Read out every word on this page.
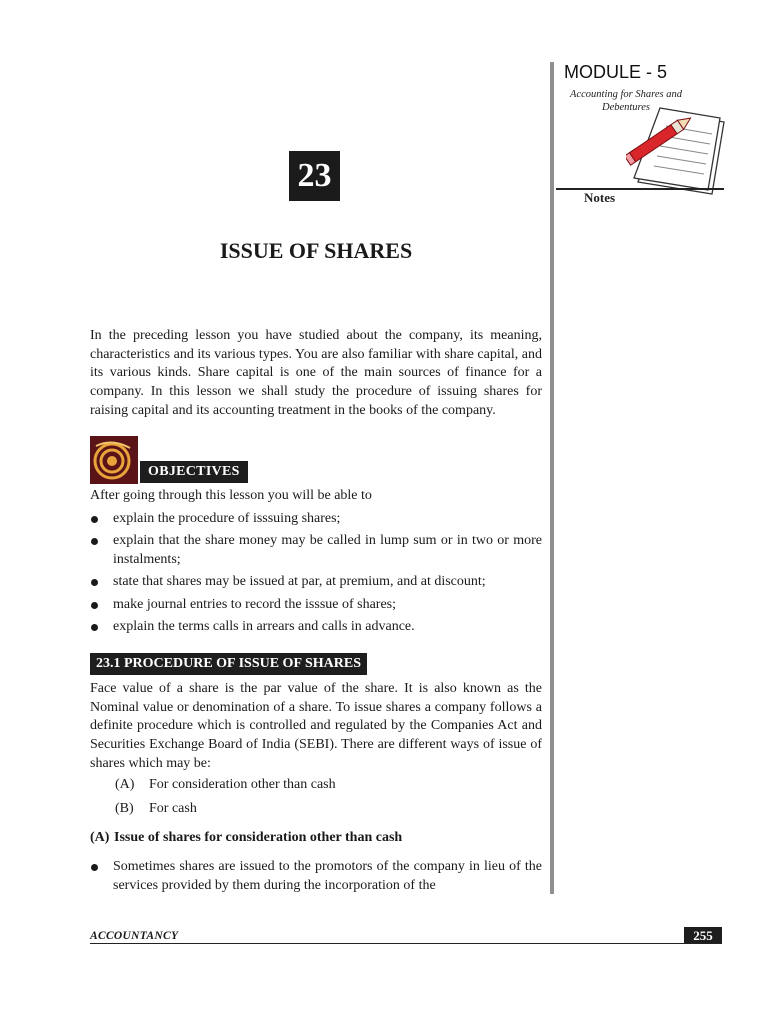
MODULE - 5
Accounting for Shares and Debentures
Notes
23
ISSUE OF SHARES
In the preceding lesson you have studied about the company, its meaning, characteristics and its various types. You are also familiar with share capital, and its various kinds. Share capital is one of the main sources of finance for a company. In this lesson we shall study the procedure of issuing shares for raising capital and its accounting treatment in the books of the company.
OBJECTIVES
After going through this lesson you will be able to
explain the procedure of isssuing shares;
explain that the share money may be called in lump sum or in two or more instalments;
state that shares may be issued at par, at premium, and at discount;
make journal entries to record the isssue of shares;
explain the terms calls in arrears and calls in advance.
23.1 PROCEDURE OF ISSUE OF SHARES
Face value of a share is the par value of the share. It is also known as the Nominal value or denomination of a share. To issue shares a company follows a definite procedure which is controlled and regulated by the Companies Act and Securities Exchange Board of India (SEBI). There are different ways of issue of shares which may be:
(A) For consideration other than cash
(B) For cash
(A) Issue of shares for consideration other than cash
Sometimes shares are issued to the promotors of the company in lieu of the services provided by them during the incorporation of the
ACCOUNTANCY	255
